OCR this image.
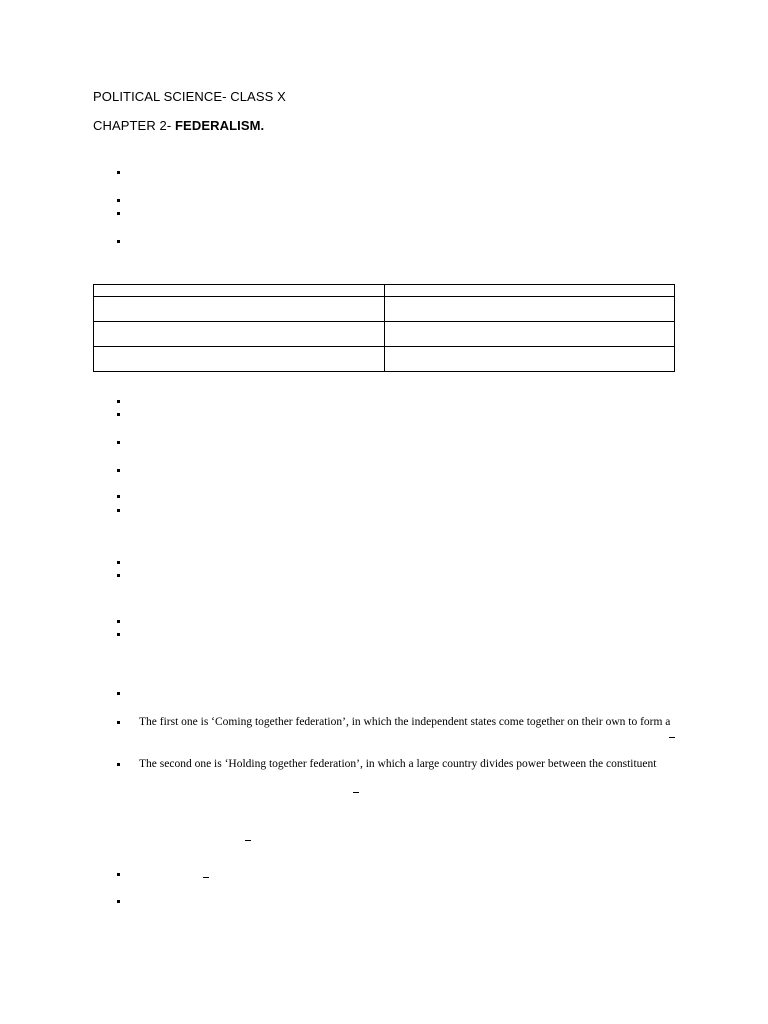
POLITICAL SCIENCE- CLASS X
CHAPTER 2- FEDERALISM.

The first one is ‘Coming together federation’, in which the independent states come together on their own to form a
The second one is ‘Holding together federation’, in which a large country divides power between the constituent
